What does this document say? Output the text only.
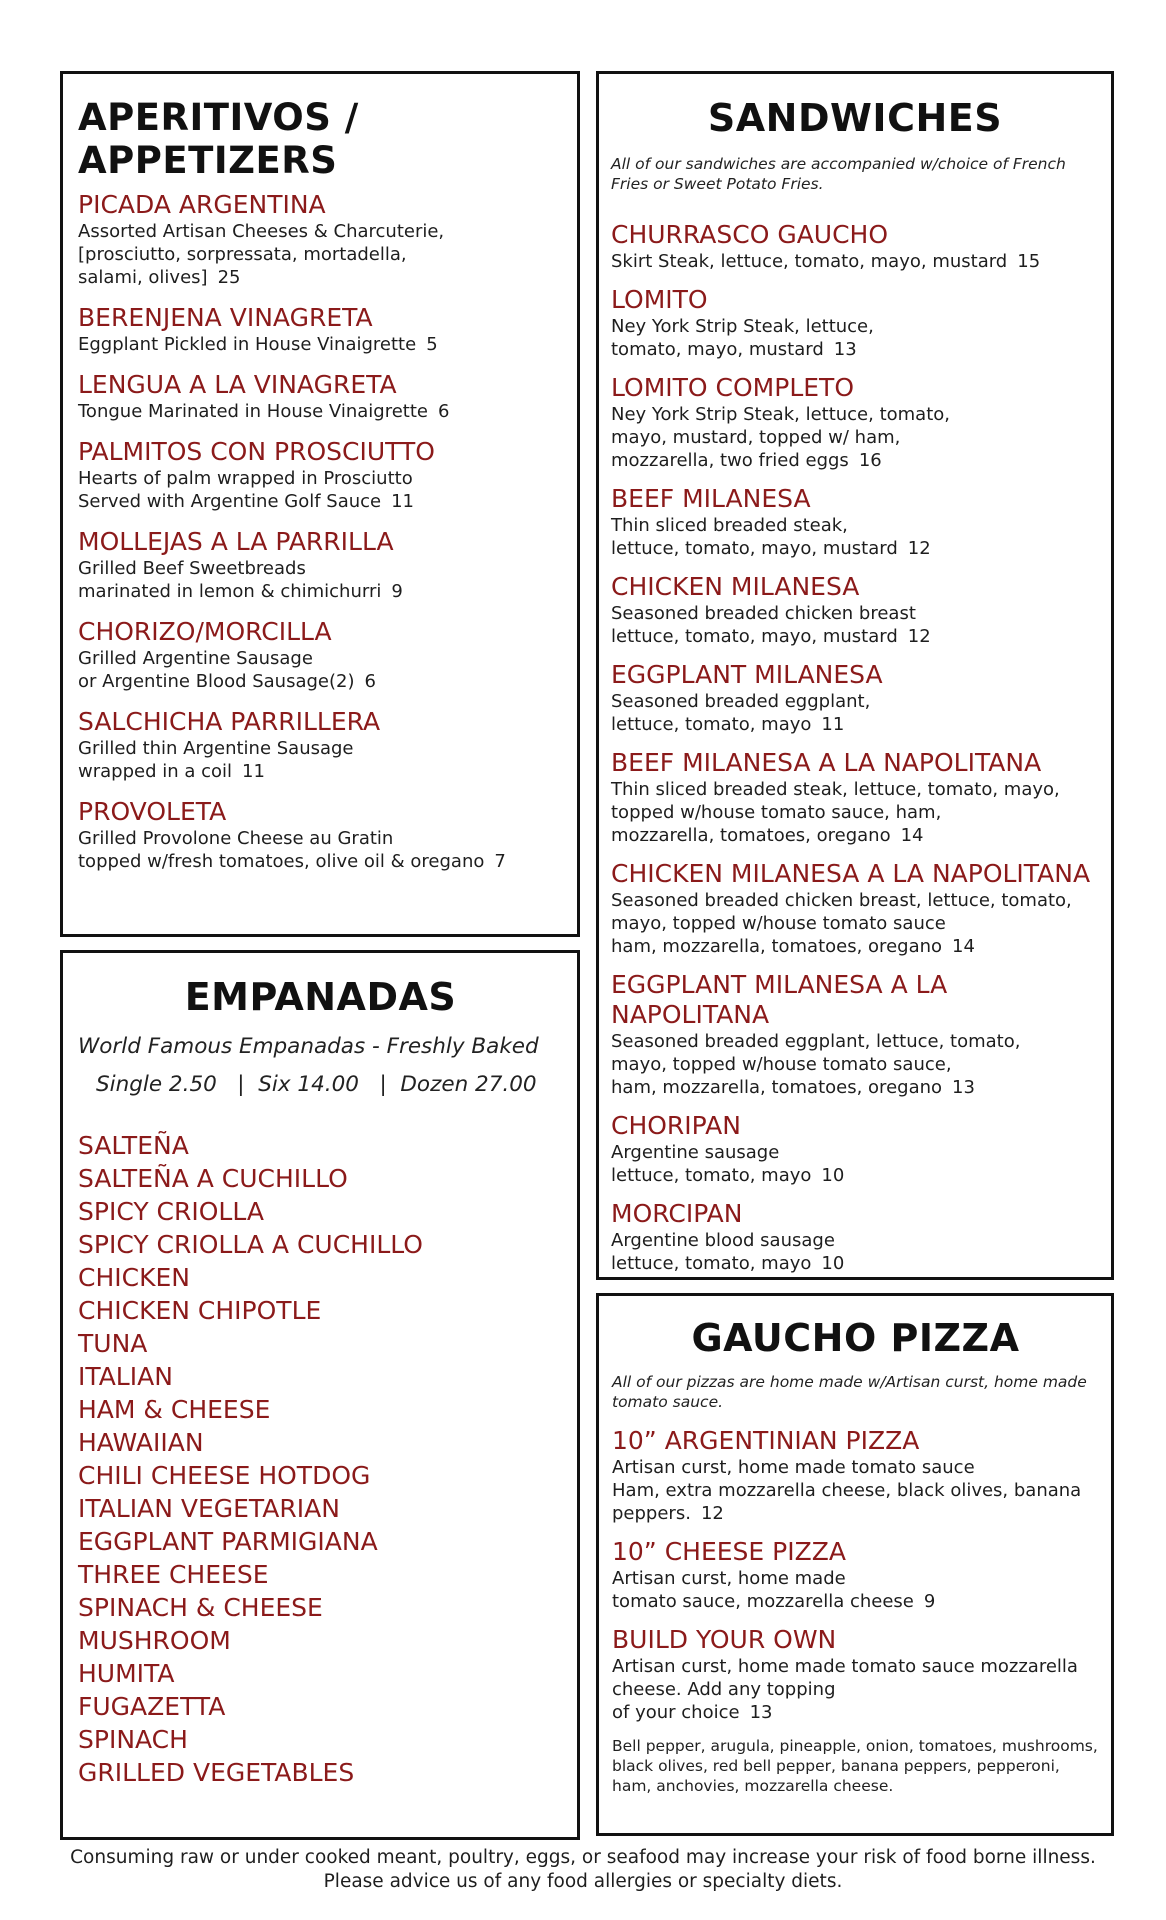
APERITIVOS / APPETIZERS
PICADA ARGENTINA
Assorted Artisan Cheeses & Charcuterie,
[prosciutto, sorpressata, mortadella,
salami, olives] 25
BERENJENA VINAGRETA
Eggplant Pickled in House Vinaigrette 5
LENGUA A LA VINAGRETA
Tongue Marinated in House Vinaigrette 6
PALMITOS CON PROSCIUTTO
Hearts of palm wrapped in Prosciutto
Served with Argentine Golf Sauce 11
MOLLEJAS A LA PARRILLA
Grilled Beef Sweetbreads
marinated in lemon & chimichurri 9
CHORIZO/MORCILLA
Grilled Argentine Sausage
or Argentine Blood Sausage(2) 6
SALCHICHA PARRILLERA
Grilled thin Argentine Sausage
wrapped in a coil 11
PROVOLETA
Grilled Provolone Cheese au Gratin
topped w/fresh tomatoes, olive oil & oregano 7
EMPANADAS
World Famous Empanadas - Freshly Baked
Single 2.50   |  Six 14.00   |  Dozen 27.00
SALTEÑA
SALTEÑA A CUCHILLO
SPICY CRIOLLA
SPICY CRIOLLA A CUCHILLO
CHICKEN
CHICKEN CHIPOTLE
TUNA
ITALIAN
HAM & CHEESE
HAWAIIAN
CHILI CHEESE HOTDOG
ITALIAN VEGETARIAN
EGGPLANT PARMIGIANA
THREE CHEESE
SPINACH & CHEESE
MUSHROOM
HUMITA
FUGAZETTA
SPINACH
GRILLED VEGETABLES
SANDWICHES
All of our sandwiches are accompanied w/choice of French Fries or Sweet Potato Fries.
CHURRASCO GAUCHO
Skirt Steak, lettuce, tomato, mayo, mustard 15
LOMITO
Ney York Strip Steak, lettuce,
tomato, mayo, mustard 13
LOMITO COMPLETO
Ney York Strip Steak, lettuce, tomato,
mayo, mustard, topped w/ ham,
mozzarella, two fried eggs 16
BEEF MILANESA
Thin sliced breaded steak,
lettuce, tomato, mayo, mustard 12
CHICKEN MILANESA
Seasoned breaded chicken breast
lettuce, tomato, mayo, mustard 12
EGGPLANT MILANESA
Seasoned breaded eggplant,
lettuce, tomato, mayo 11
BEEF MILANESA A LA NAPOLITANA
Thin sliced breaded steak, lettuce, tomato, mayo,
topped w/house tomato sauce, ham,
mozzarella, tomatoes, oregano 14
CHICKEN MILANESA A LA NAPOLITANA
Seasoned breaded chicken breast, lettuce, tomato,
mayo, topped w/house tomato sauce
ham, mozzarella, tomatoes, oregano 14
EGGPLANT MILANESA A LA NAPOLITANA
Seasoned breaded eggplant, lettuce, tomato,
mayo, topped w/house tomato sauce,
ham, mozzarella, tomatoes, oregano 13
CHORIPAN
Argentine sausage
lettuce, tomato, mayo 10
MORCIPAN
Argentine blood sausage
lettuce, tomato, mayo 10
GAUCHO PIZZA
All of our pizzas are home made w/Artisan curst, home made tomato sauce.
10” ARGENTINIAN PIZZA
Artisan curst, home made tomato sauce
Ham, extra mozzarella cheese, black olives, banana
peppers. 12
10” CHEESE PIZZA
Artisan curst, home made
tomato sauce, mozzarella cheese 9
BUILD YOUR OWN
Artisan curst, home made tomato sauce mozzarella
cheese. Add any topping
of your choice 13
Bell pepper, arugula, pineapple, onion, tomatoes, mushrooms, black olives, red bell pepper, banana peppers, pepperoni, ham, anchovies, mozzarella cheese.
Consuming raw or under cooked meant, poultry, eggs, or seafood may increase your risk of food borne illness.
Please advice us of any food allergies or specialty diets.
